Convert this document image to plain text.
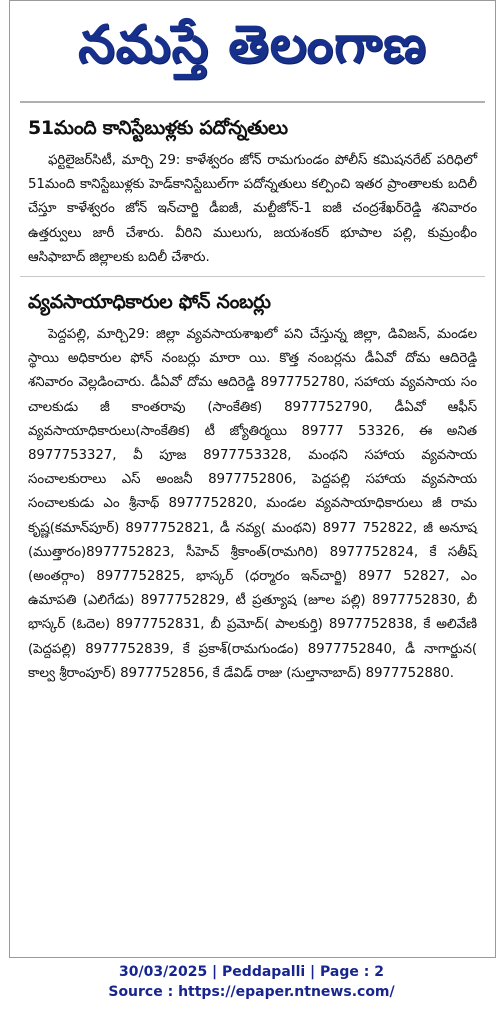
నమస్తే తెలంగాణ
51మంది కానిస్టేబుళ్లకు పదోన్నతులు

ఫర్టిలైజర్‌సిటీ, మార్చి 29: కాళేశ్వరం జోన్ రామగుండం పోలీస్ కమిషనరేట్ పరిధిలో 51మంది కానిస్టేబుళ్లకు హెడ్‌కానిస్టేబుల్‌గా పదోన్నతులు కల్పించి ఇతర ప్రాంతాలకు బదిలీ చేస్తూ కాళేశ్వరం జోన్ ఇన్‌చార్జి డీఐజీ, మల్టీజోన్-1 ఐజీ చంద్రశేఖర్‌రెడ్డి శనివారం ఉత్తర్వులు జారీ చేశారు. వీరిని ములుగు, జయశంకర్ భూపాల పల్లి, కుమ్రంభీం ఆసిఫాబాద్ జిల్లాలకు బదిలీ చేశారు.

వ్యవసాయాధికారుల ఫోన్ నంబర్లు

పెద్దపల్లి, మార్చి29: జిల్లా వ్యవసాయశాఖలో పని చేస్తున్న జిల్లా, డివిజన్, మండల స్థాయి అధికారుల ఫోన్ నంబర్లు మారా యి. కొత్త నంబర్లను డీఏవో దోమ ఆదిరెడ్డి శనివారం వెల్లడించారు. డీఏవో దోమ ఆదిరెడ్డి 8977752780, సహాయ వ్యవసాయ సం చాలకుడు జీ కాంతరావు (సాంకేతిక) 8977752790, డీఏవో ఆఫీస్ వ్యవసాయాధికారులు(సాంకేతిక) టీ జ్యోతిర్మయి 89777 53326, ఈ అనిత 8977753327, వీ పూజ 8977753328, మంథని సహాయ వ్యవసాయ సంచాలకురాలు ఎస్ అంజనీ 8977752806, పెద్దపల్లి సహాయ వ్యవసాయ సంచాలకుడు ఎం శ్రీనాథ్ 8977752820, మండల వ్యవసాయాధికారులు జీ రామ కృష్ణ(కమాన్‌పూర్) 8977752821, డీ నవ్య( మంథని) 8977 752822, జీ అనూష (ముత్తారం)8977752823, సీహెచ్ శ్రీకాంత్(రామగిరి) 8977752824, కే సతీష్ (అంతర్గాం) 8977752825, భాస్కర్ (ధర్మారం ఇన్‌చార్జి) 8977 52827, ఎం ఉమాపతి (ఎలిగేడు) 8977752829, టీ ప్రత్యూష (జూల పల్లి) 8977752830, బీ భాస్కర్ (ఓదెల) 8977752831, బీ ప్రమోద్( పాలకుర్తి) 8977752838, కే అలివేణి (పెద్దపల్లి) 8977752839, కే ప్రకాశ్(రామగుండం) 8977752840, డీ నాగార్జున( కాల్వ శ్రీరాంపూర్) 8977752856, కే డేవిడ్ రాజు (సుల్తానాబాద్) 8977752880.

30/03/2025 | Peddapalli | Page : 2
Source : https://epaper.ntnews.com/
